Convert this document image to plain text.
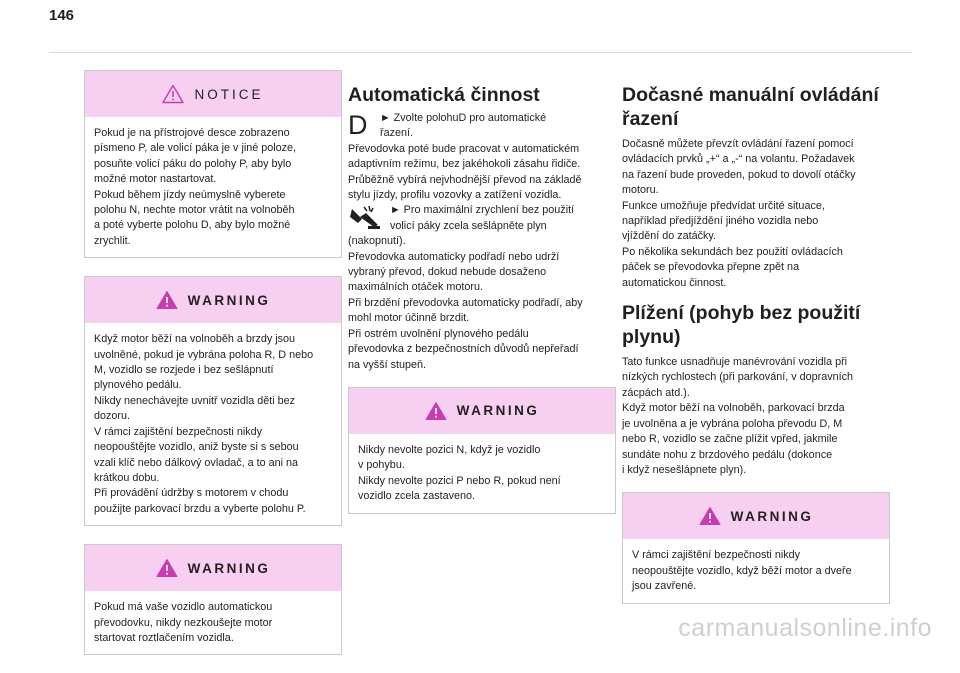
146
NOTICE

Pokud je na přístrojové desce zobrazeno

písmeno P, ale volicí páka je v jiné poloze,

posuňte volicí páku do polohy P, aby bylo

možné motor nastartovat.

Pokud během jízdy neúmyslně vyberete

polohu N, nechte motor vrátit na volnoběh

a poté vyberte polohu D, aby bylo možné

zrychlit.

WARNING

Když motor běží na volnoběh a brzdy jsou

uvolněné, pokud je vybrána poloha R, D nebo

M, vozidlo se rozjede i bez sešlápnutí

plynového pedálu.

Nikdy nenechávejte uvnitř vozidla děti bez

dozoru.

V rámci zajištění bezpečnosti nikdy

neopouštějte vozidlo, aniž byste si s sebou

vzali klíč nebo dálkový ovladač, a to ani na

krátkou dobu.

Při provádění údržby s motorem v chodu

použijte parkovací brzdu a vyberte polohu P.

WARNING

Pokud má vaše vozidlo automatickou

převodovku, nikdy nezkoušejte motor

startovat roztlačením vozidla.

Automatická činnost
D	► Zvolte polohuD pro automatické
řazení.

Převodovka poté bude pracovat v automatickém

adaptivním režimu, bez jakéhokoli zásahu řidiče.

Průběžně vybírá nejvhodnější převod na základě

stylu jízdy, profilu vozovky a zatížení vozidla.

► Pro maximální zrychlení bez použití
volicí páky zcela sešlápněte plyn

(nakopnutí).

Převodovka automaticky podřadí nebo udrží

vybraný převod, dokud nebude dosaženo

maximálních otáček motoru.

Při brzdění převodovka automaticky podřadí, aby

mohl motor účinně brzdit.

Při ostrém uvolnění plynového pedálu

převodovka z bezpečnostních důvodů nepřeřadí

na vyšší stupeň.

WARNING

Nikdy nevolte pozici N, když je vozidlo

v pohybu.

Nikdy nevolte pozici P nebo R, pokud není

vozidlo zcela zastaveno.

Dočasné manuální ovládání
řazení

Dočasně můžete převzít ovládání řazení pomocí

ovládacích prvků „+“ a „-“ na volantu. Požadavek

na řazení bude proveden, pokud to dovolí otáčky

motoru.

Funkce umožňuje předvídat určité situace,

například předjíždění jiného vozidla nebo

vjíždění do zatáčky.

Po několika sekundách bez použití ovládacích

páček se převodovka přepne zpět na

automatickou činnost.

Plížení (pohyb bez použití
plynu)

Tato funkce usnadňuje manévrování vozidla při

nízkých rychlostech (při parkování, v dopravních

zácpách atd.).

Když motor běží na volnoběh, parkovací brzda

je uvolněna a je vybrána poloha převodu D, M

nebo R, vozidlo se začne plížit vpřed, jakmile

sundáte nohu z brzdového pedálu (dokonce

i když nesešlápnete plyn).

WARNING

V rámci zajištění bezpečnosti nikdy

neopouštějte vozidlo, když běží motor a dveře

jsou zavřené.

carmanualsonline.info
